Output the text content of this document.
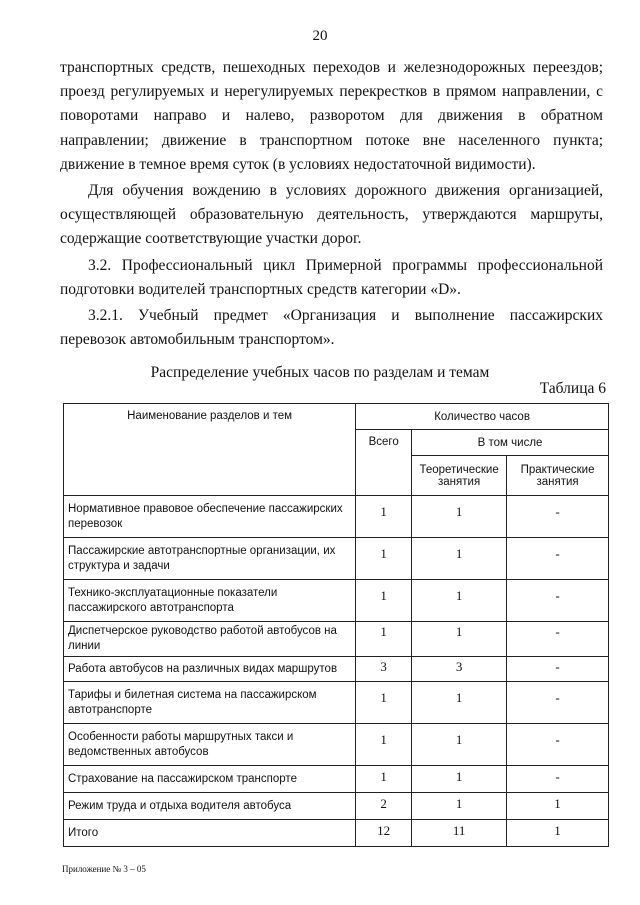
20

транспортных средств, пешеходных переходов и железнодорожных переездов; проезд регулируемых и нерегулируемых перекрестков в прямом направлении, с поворотами направо и налево, разворотом для движения в обратном направлении; движение в транспортном потоке вне населенного пункта; движение в темное время суток (в условиях недостаточной видимости).

Для обучения вождению в условиях дорожного движения организацией, осуществляющей образовательную деятельность, утверждаются маршруты, содержащие соответствующие участки дорог.

3.2. Профессиональный цикл Примерной программы профессиональной подготовки водителей транспортных средств категории «D».

3.2.1. Учебный предмет «Организация и выполнение пассажирских перевозок автомобильным транспортом».

Распределение учебных часов по разделам и темам
Таблица 6
Наименование разделов и тем	Количество часов		
	Всего	В том числе	
		Теоретические занятия	Практические занятия
Нормативное правовое обеспечение пассажирских перевозок	1	1	-
Пассажирские автотранспортные организации, их структура и задачи	1	1	-
Технико-эксплуатационные показатели пассажирского автотранспорта	1	1	-
Диспетчерское руководство работой автобусов на линии	1	1	-
Работа автобусов на различных видах маршрутов	3	3	-
Тарифы и билетная система на пассажирском автотранспорте	1	1	-
Особенности работы маршрутных такси и ведомственных автобусов	1	1	-
Страхование на пассажирском транспорте	1	1	-
Режим труда и отдыха водителя автобуса	2	1	1
Итого	12	11	1
Приложение № 3 – 05
